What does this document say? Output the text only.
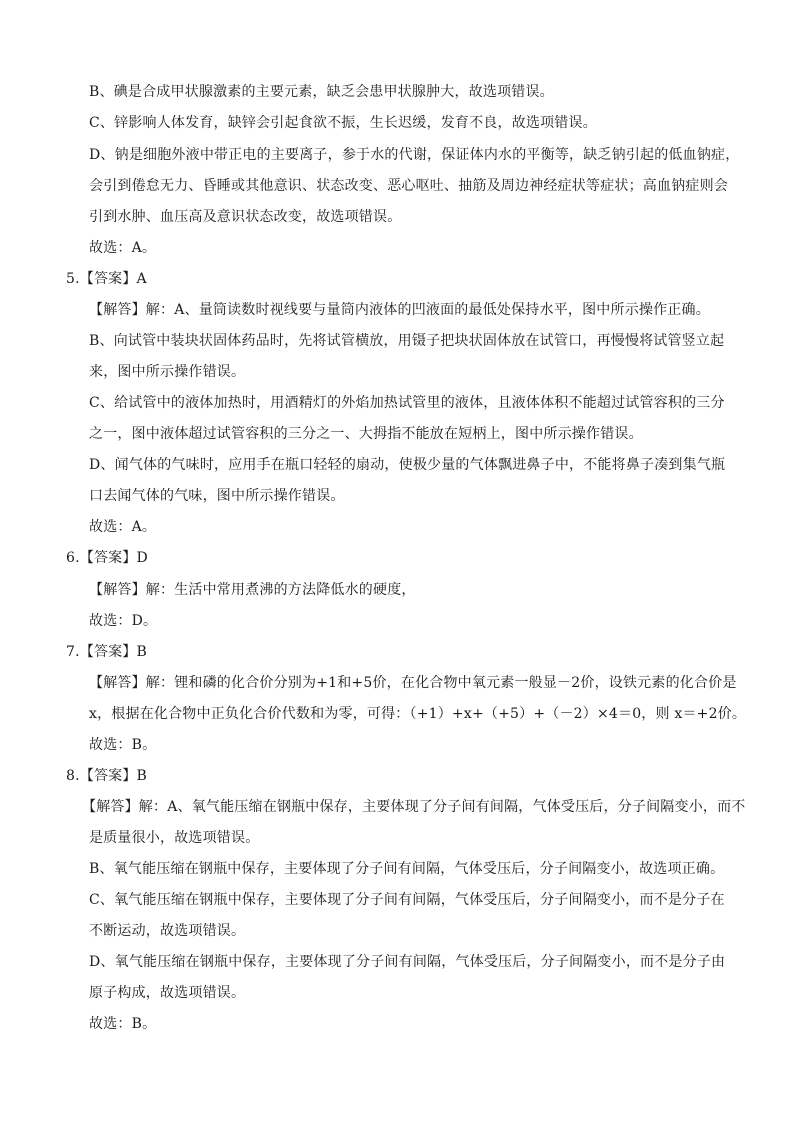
B、碘是合成甲状腺激素的主要元素，缺乏会患甲状腺肿大，故选项错误。
C、锌影响人体发育，缺锌会引起食欲不振，生长迟缓，发育不良，故选项错误。
D、钠是细胞外液中带正电的主要离子，参于水的代谢，保证体内水的平衡等，缺乏钠引起的低血钠症，
会引到倦怠无力、昏睡或其他意识、状态改变、恶心呕吐、抽筋及周边神经症状等症状；高血钠症则会
引到水肿、血压高及意识状态改变，故选项错误。
故选：A。
5.【答案】A
【解答】解：A、量筒读数时视线要与量筒内液体的凹液面的最低处保持水平，图中所示操作正确。
B、向试管中装块状固体药品时，先将试管横放，用镊子把块状固体放在试管口，再慢慢将试管竖立起
来，图中所示操作错误。
C、给试管中的液体加热时，用酒精灯的外焰加热试管里的液体，且液体体积不能超过试管容积的三分
之一，图中液体超过试管容积的三分之一、大拇指不能放在短柄上，图中所示操作错误。
D、闻气体的气味时，应用手在瓶口轻轻的扇动，使极少量的气体飘进鼻子中，不能将鼻子凑到集气瓶
口去闻气体的气味，图中所示操作错误。
故选：A。
6.【答案】D
【解答】解：生活中常用煮沸的方法降低水的硬度，
故选：D。
7.【答案】B
【解答】解：锂和磷的化合价分别为+1和+5价，在化合物中氧元素一般显－2价，设铁元素的化合价是
x，根据在化合物中正负化合价代数和为零，可得：（+1）+x+（+5）+（－2）×4＝0，则 x＝+2价。
故选：B。
8.【答案】B
【解答】解：A、氧气能压缩在钢瓶中保存，主要体现了分子间有间隔，气体受压后，分子间隔变小，而不
是质量很小，故选项错误。
B、氧气能压缩在钢瓶中保存，主要体现了分子间有间隔，气体受压后，分子间隔变小，故选项正确。
C、氧气能压缩在钢瓶中保存，主要体现了分子间有间隔，气体受压后，分子间隔变小，而不是分子在
不断运动，故选项错误。
D、氧气能压缩在钢瓶中保存，主要体现了分子间有间隔，气体受压后，分子间隔变小，而不是分子由
原子构成，故选项错误。
故选：B。
